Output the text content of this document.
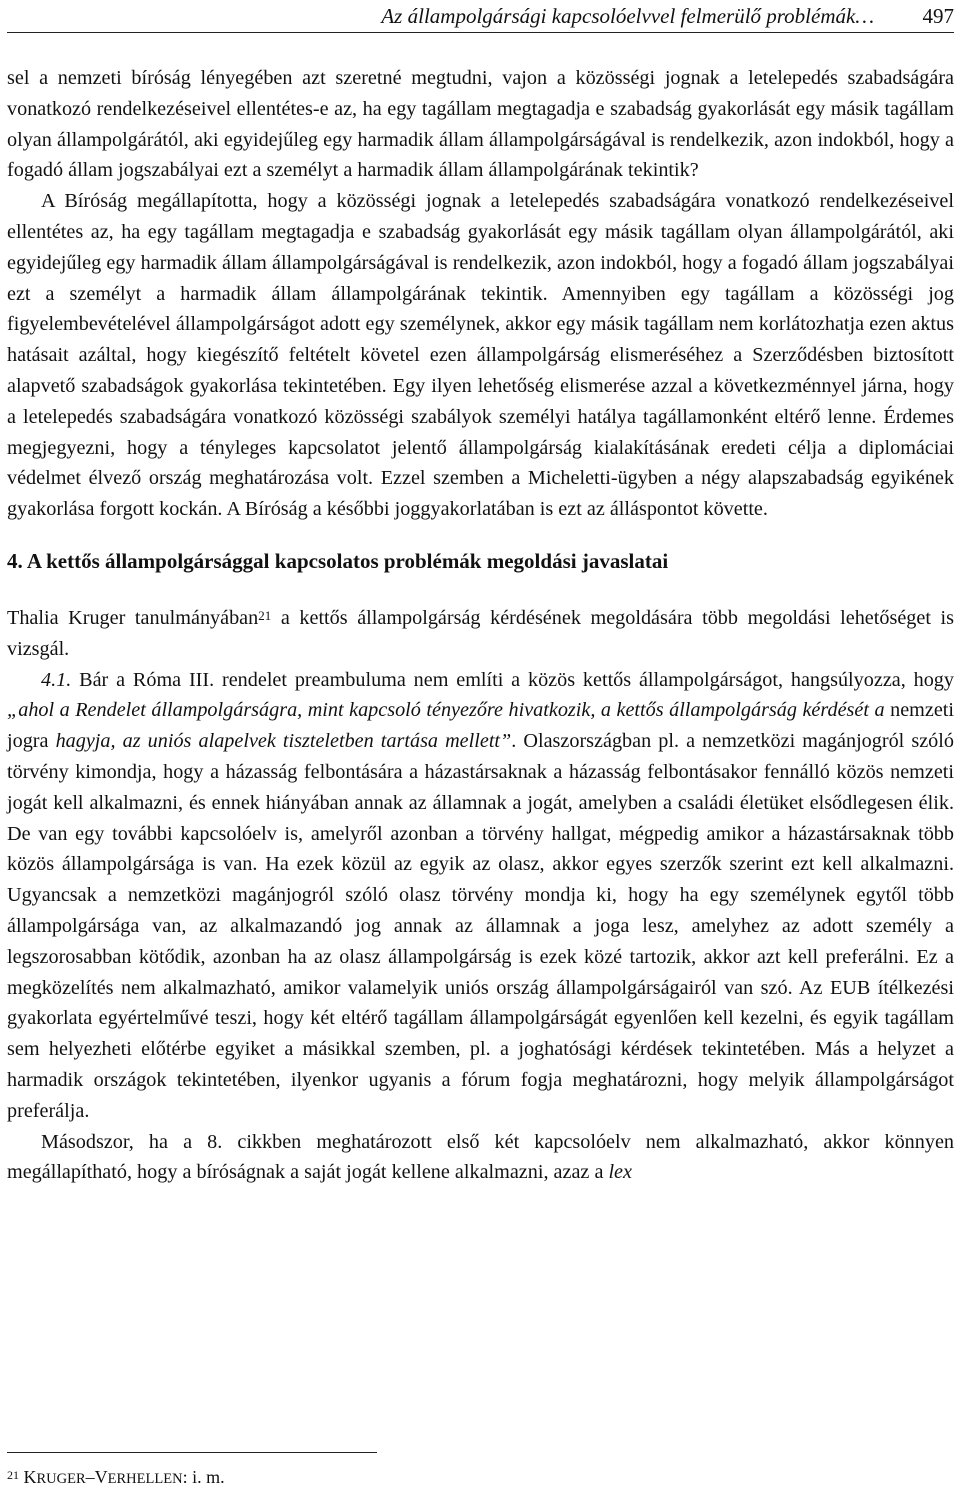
Az állampolgársági kapcsolóelvvel felmerülő problémák… 497

sel a nemzeti bíróság lényegében azt szeretné megtudni, vajon a közösségi jognak a letelepedés szabadságára vonatkozó rendelkezéseivel ellentétes-e az, ha egy tagállam megtagadja e szabadság gyakorlását egy másik tagállam olyan állampolgárától, aki egyidejűleg egy harmadik állam állampolgárságával is rendelkezik, azon indokból, hogy a fogadó állam jogszabályai ezt a személyt a harmadik állam állampolgárának tekintik?

A Bíróság megállapította, hogy a közösségi jognak a letelepedés szabadságára vonatkozó rendelkezéseivel ellentétes az, ha egy tagállam megtagadja e szabadság gyakorlását egy másik tagállam olyan állampolgárától, aki egyidejűleg egy harmadik állam állampolgárságával is rendelkezik, azon indokból, hogy a fogadó állam jogszabályai ezt a személyt a harmadik állam állampolgárának tekintik. Amennyiben egy tagállam a közösségi jog figyelembevételével állampolgárságot adott egy személynek, akkor egy másik tagállam nem korlátozhatja ezen aktus hatásait azáltal, hogy kiegészítő feltételt követel ezen állampolgárság elismeréséhez a Szerződésben biztosított alapvető szabadságok gyakorlása tekintetében. Egy ilyen lehetőség elismerése azzal a következménnyel járna, hogy a letelepedés szabadságára vonatkozó közösségi szabályok személyi hatálya tagállamonként eltérő lenne. Érdemes megjegyezni, hogy a tényleges kapcsolatot jelentő állampolgárság kialakításának eredeti célja a diplomáciai védelmet élvező ország meghatározása volt. Ezzel szemben a Micheletti-ügyben a négy alapszabadság egyikének gyakorlása forgott kockán. A Bíróság a későbbi joggyakorlatában is ezt az álláspontot követte.

4. A kettős állampolgársággal kapcsolatos problémák megoldási javaslatai

Thalia Kruger tanulmányában$^{21}$ a kettős állampolgárság kérdésének megoldására több megoldási lehetőséget is vizsgál.

4.1. Bár a Róma III. rendelet preambuluma nem említi a közös kettős állampolgárságot, hangsúlyozza, hogy „ahol a Rendelet állampolgárságra, mint kapcsoló tényezőre hivatkozik, a kettős állampolgárság kérdését a nemzeti jogra hagyja, az uniós alapelvek tiszteletben tartása mellett”. Olaszországban pl. a nemzetközi magánjogról szóló törvény kimondja, hogy a házasság felbontására a házastársaknak a házasság felbontásakor fennálló közös nemzeti jogát kell alkalmazni, és ennek hiányában annak az államnak a jogát, amelyben a családi életüket elsődlegesen élik. De van egy további kapcsolóelv is, amelyről azonban a törvény hallgat, mégpedig amikor a házastársaknak több közös állampolgársága is van. Ha ezek közül az egyik az olasz, akkor egyes szerzők szerint ezt kell alkalmazni. Ugyancsak a nemzetközi magánjogról szóló olasz törvény mondja ki, hogy ha egy személynek egytől több állampolgársága van, az alkalmazandó jog annak az államnak a joga lesz, amelyhez az adott személy a legszorosabban kötődik, azonban ha az olasz állampolgárság is ezek közé tartozik, akkor azt kell preferálni. Ez a megközelítés nem alkalmazható, amikor valamelyik uniós ország állampolgárságairól van szó. Az EUB ítélkezési gyakorlata egyértelművé teszi, hogy két eltérő tagállam állampolgárságát egyenlően kell kezelni, és egyik tagállam sem helyezheti előtérbe egyiket a másikkal szemben, pl. a joghatósági kérdések tekintetében. Más a helyzet a harmadik országok tekintetében, ilyenkor ugyanis a fórum fogja meghatározni, hogy melyik állampolgárságot preferálja.

Másodszor, ha a 8. cikkben meghatározott első két kapcsolóelv nem alkalmazható, akkor könnyen megállapítható, hogy a bíróságnak a saját jogát kellene alkalmazni, azaz a lex

$^{21}$ KRUGER–VERHELLEN: i. m.
